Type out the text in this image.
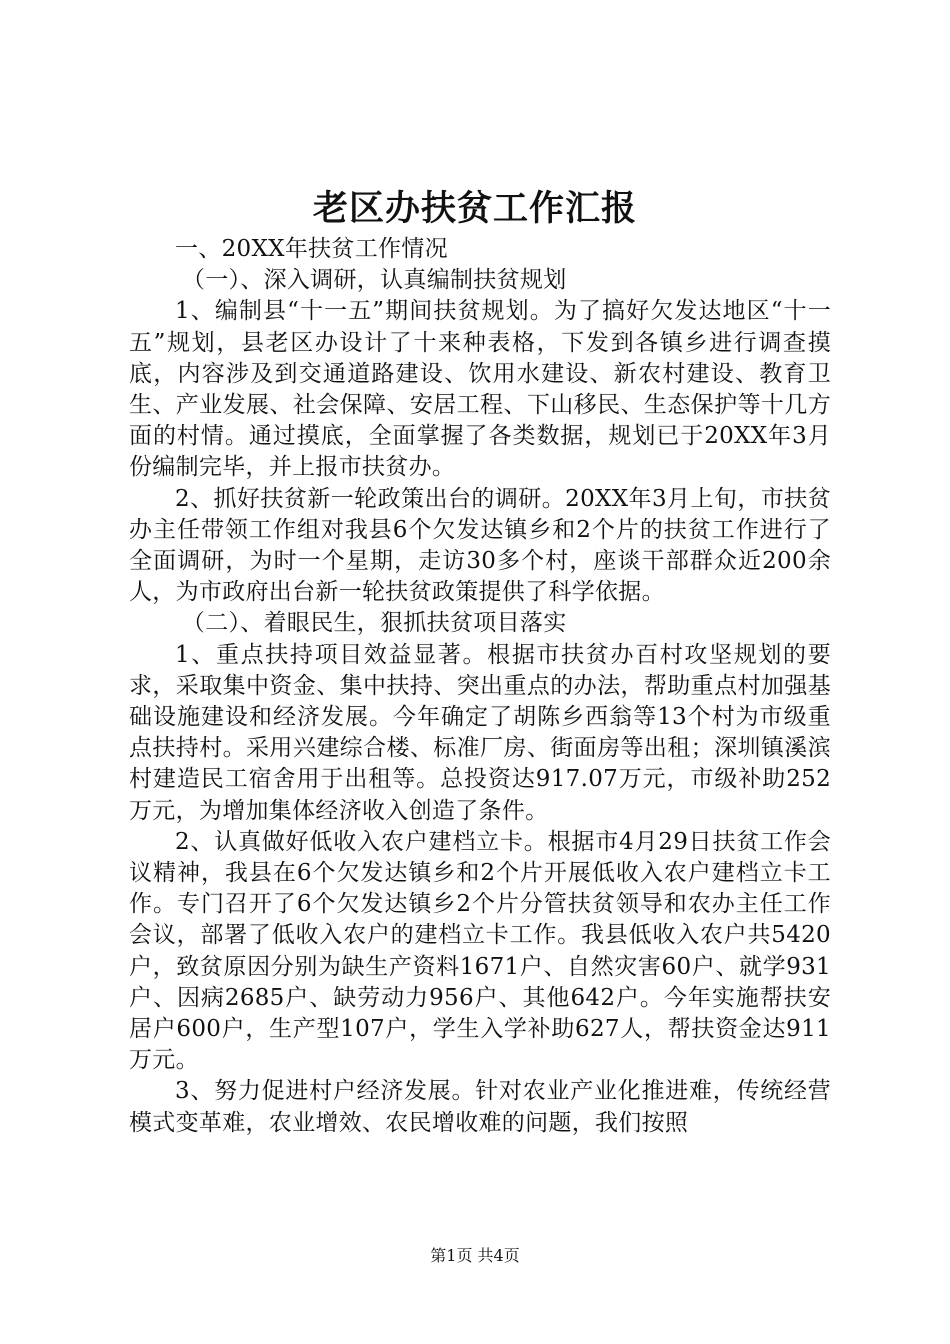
老区办扶贫工作汇报

一、20XX年扶贫工作情况

（一）、深入调研，认真编制扶贫规划

1、编制县“十一五”期间扶贫规划。为了搞好欠发达地区“十一五”规划，县老区办设计了十来种表格，下发到各镇乡进行调查摸底，内容涉及到交通道路建设、饮用水建设、新农村建设、教育卫生、产业发展、社会保障、安居工程、下山移民、生态保护等十几方面的村情。通过摸底，全面掌握了各类数据，规划已于20XX年3月份编制完毕，并上报市扶贫办。

2、抓好扶贫新一轮政策出台的调研。20XX年3月上旬，市扶贫办主任带领工作组对我县6个欠发达镇乡和2个片的扶贫工作进行了全面调研，为时一个星期，走访30多个村，座谈干部群众近200余人，为市政府出台新一轮扶贫政策提供了科学依据。

（二）、着眼民生，狠抓扶贫项目落实

1、重点扶持项目效益显著。根据市扶贫办百村攻坚规划的要求，采取集中资金、集中扶持、突出重点的办法，帮助重点村加强基础设施建设和经济发展。今年确定了胡陈乡西翁等13个村为市级重点扶持村。采用兴建综合楼、标准厂房、街面房等出租；深圳镇溪滨村建造民工宿舍用于出租等。总投资达917.07万元，市级补助252万元，为增加集体经济收入创造了条件。

2、认真做好低收入农户建档立卡。根据市4月29日扶贫工作会议精神，我县在6个欠发达镇乡和2个片开展低收入农户建档立卡工作。专门召开了6个欠发达镇乡2个片分管扶贫领导和农办主任工作会议，部署了低收入农户的建档立卡工作。我县低收入农户共5420户，致贫原因分别为缺生产资料1671户、自然灾害60户、就学931户、因病2685户、缺劳动力956户、其他642户。今年实施帮扶安居户600户，生产型107户，学生入学补助627人，帮扶资金达911万元。

3、努力促进村户经济发展。针对农业产业化推进难，传统经营模式变革难，农业增效、农民增收难的问题，我们按照

第1页 共4页
